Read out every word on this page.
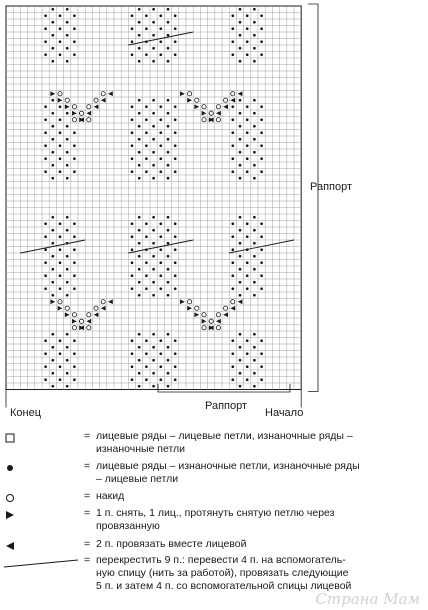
Раппорт
Раппорт
Конец	Начало
= лицевые ряды – лицевые петли, изнаночные ряды –
изнаночные петли
= лицевые ряды – изнаночные петли, изнаночные ряды
– лицевые петли
= накид
= 1 п. снять, 1 лиц., протянуть снятую петлю через
провязанную
= 2 п. провязать вместе лицевой
= перекрестить 9 п.: перевести 4 п. на вспомогатель-
ную спицу (нить за работой), провязать следующие
5 п. и затем 4 п. со вспомогательной спицы лицевой
Страна Мам
